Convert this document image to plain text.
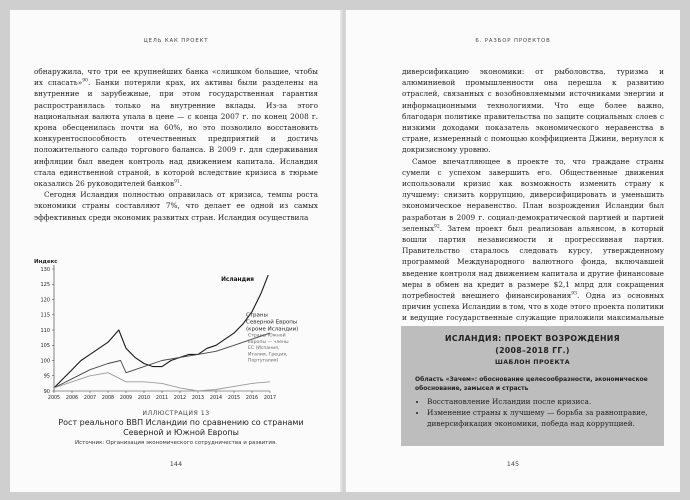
ЦЕЛЬ КАК ПРОЕКТ

обнаружила, что три ее крупнейших банка «слишком большие, чтобы их спасать»$^{90}$. Банки потеряли крах, их активы были разделены на внутренние и зарубежные, при этом государственная гарантия распространялась только на внутренние вклады. Из-за этого национальная валюта упала в цене — с конца 2007 г. по конец 2008 г. крона обесценилась почти на 60%, но это позволило восстановить конкурентоспособность отечественных предприятий и достичь положительного сальдо торгового баланса. В 2009 г. для сдерживания инфляции был введен контроль над движением капитала. Исландия стала единственной страной, в которой вследствие кризиса в тюрьме оказались 26 руководителей банков$^{91}$.

Сегодня Исландия полностью оправилась от кризиса, темпы роста экономики страны составляют 7%, что делает ее одной из самых эффективных среди экономик развитых стран. Исландия осуществила

Индекс
90
95
100
105
110
115
120
125
130
2005 2006 2007 2008 2009 2010 2011 2012 2013 2014 2015 2016 2017
Исландия
Страны
Северной Европы
(кроме Исландии)
Страны Южной
Европы — члены
ЕС (Испания,
Италия, Греция,
Португалия)
ИЛЛЮСТРАЦИЯ 13
Рост реального ВВП Исландии по сравнению со странами Северной и Южной Европы
Источник: Организация экономического сотрудничества и развития.
144
6. РАЗБОР ПРОЕКТОВ

диверсификацию экономики: от рыболовства, туризма и алюминиевой промышленности она перешла к развитию отраслей, связанных с возобновляемыми источниками энергии и информационными технологиями. Что еще более важно, благодаря политике правительства по защите социальных слоев с низкими доходами показатель экономического неравенства в стране, измеренный с помощью коэффициента Джини, вернулся к докризисному уровню.

Самое впечатляющее в проекте то, что граждане страны сумели с успехом завершить его. Общественные движения использовали кризис как возможность изменить страну к лучшему: снизить коррупцию, диверсифицировать и уменьшить экономическое неравенство. План возрождения Исландии был разработан в 2009 г. социал-демократической партией и партией зеленых$^{92}$. Затем проект был реализован альянсом, в который вошли партия независимости и прогрессивная партия. Правительство старалось следовать курсу, утвержденному программой Международного валютного фонда, включавшей введение контроля над движением капитала и другие финансовые меры в обмен на кредит в размере $2,1 млрд для сокращения потребностей внешнего финансирования$^{93}$. Одна из основных причин успеха Исландии в том, что в ходе этого проекта политики и ведущие государственные служащие приложили максимальные

ИСЛАНДИЯ: ПРОЕКТ ВОЗРОЖДЕНИЯ
(2008–2018 ГГ.)
ШАБЛОН ПРОЕКТА
Область «Зачем»: обоснование целесообразности, экономическое обоснование, замысел и страсть
• Восстановление Исландии после кризиса.
• Изменение страны к лучшему — борьба за равноправие, диверсификация экономики, победа над коррупцией.
145
